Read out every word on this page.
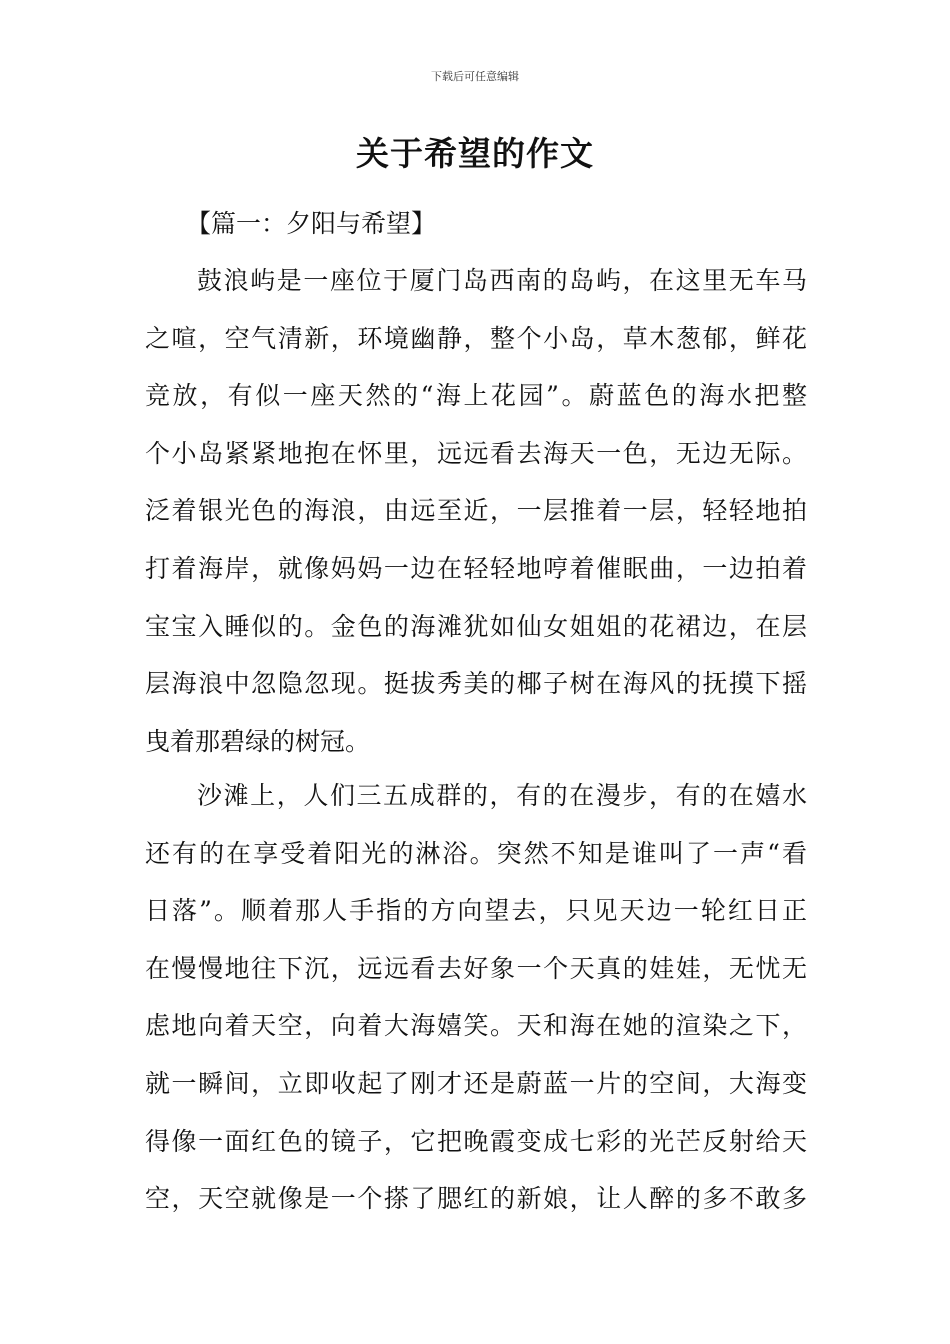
下载后可任意编辑
关于希望的作文
【篇一：夕阳与希望】
鼓浪屿是一座位于厦门岛西南的岛屿，在这里无车马
之喧，空气清新，环境幽静，整个小岛，草木葱郁，鲜花
竞放，有似一座天然的“海上花园”。蔚蓝色的海水把整
个小岛紧紧地抱在怀里，远远看去海天一色，无边无际。
泛着银光色的海浪，由远至近，一层推着一层，轻轻地拍
打着海岸，就像妈妈一边在轻轻地哼着催眠曲，一边拍着
宝宝入睡似的。金色的海滩犹如仙女姐姐的花裙边，在层
层海浪中忽隐忽现。挺拔秀美的椰子树在海风的抚摸下摇
曳着那碧绿的树冠。
沙滩上，人们三五成群的，有的在漫步，有的在嬉水
还有的在享受着阳光的淋浴。突然不知是谁叫了一声“看
日落”。顺着那人手指的方向望去，只见天边一轮红日正
在慢慢地往下沉，远远看去好象一个天真的娃娃，无忧无
虑地向着天空，向着大海嬉笑。天和海在她的渲染之下，
就一瞬间，立即收起了刚才还是蔚蓝一片的空间，大海变
得像一面红色的镜子，它把晚霞变成七彩的光芒反射给天
空，天空就像是一个搽了腮红的新娘，让人醉的多不敢多
